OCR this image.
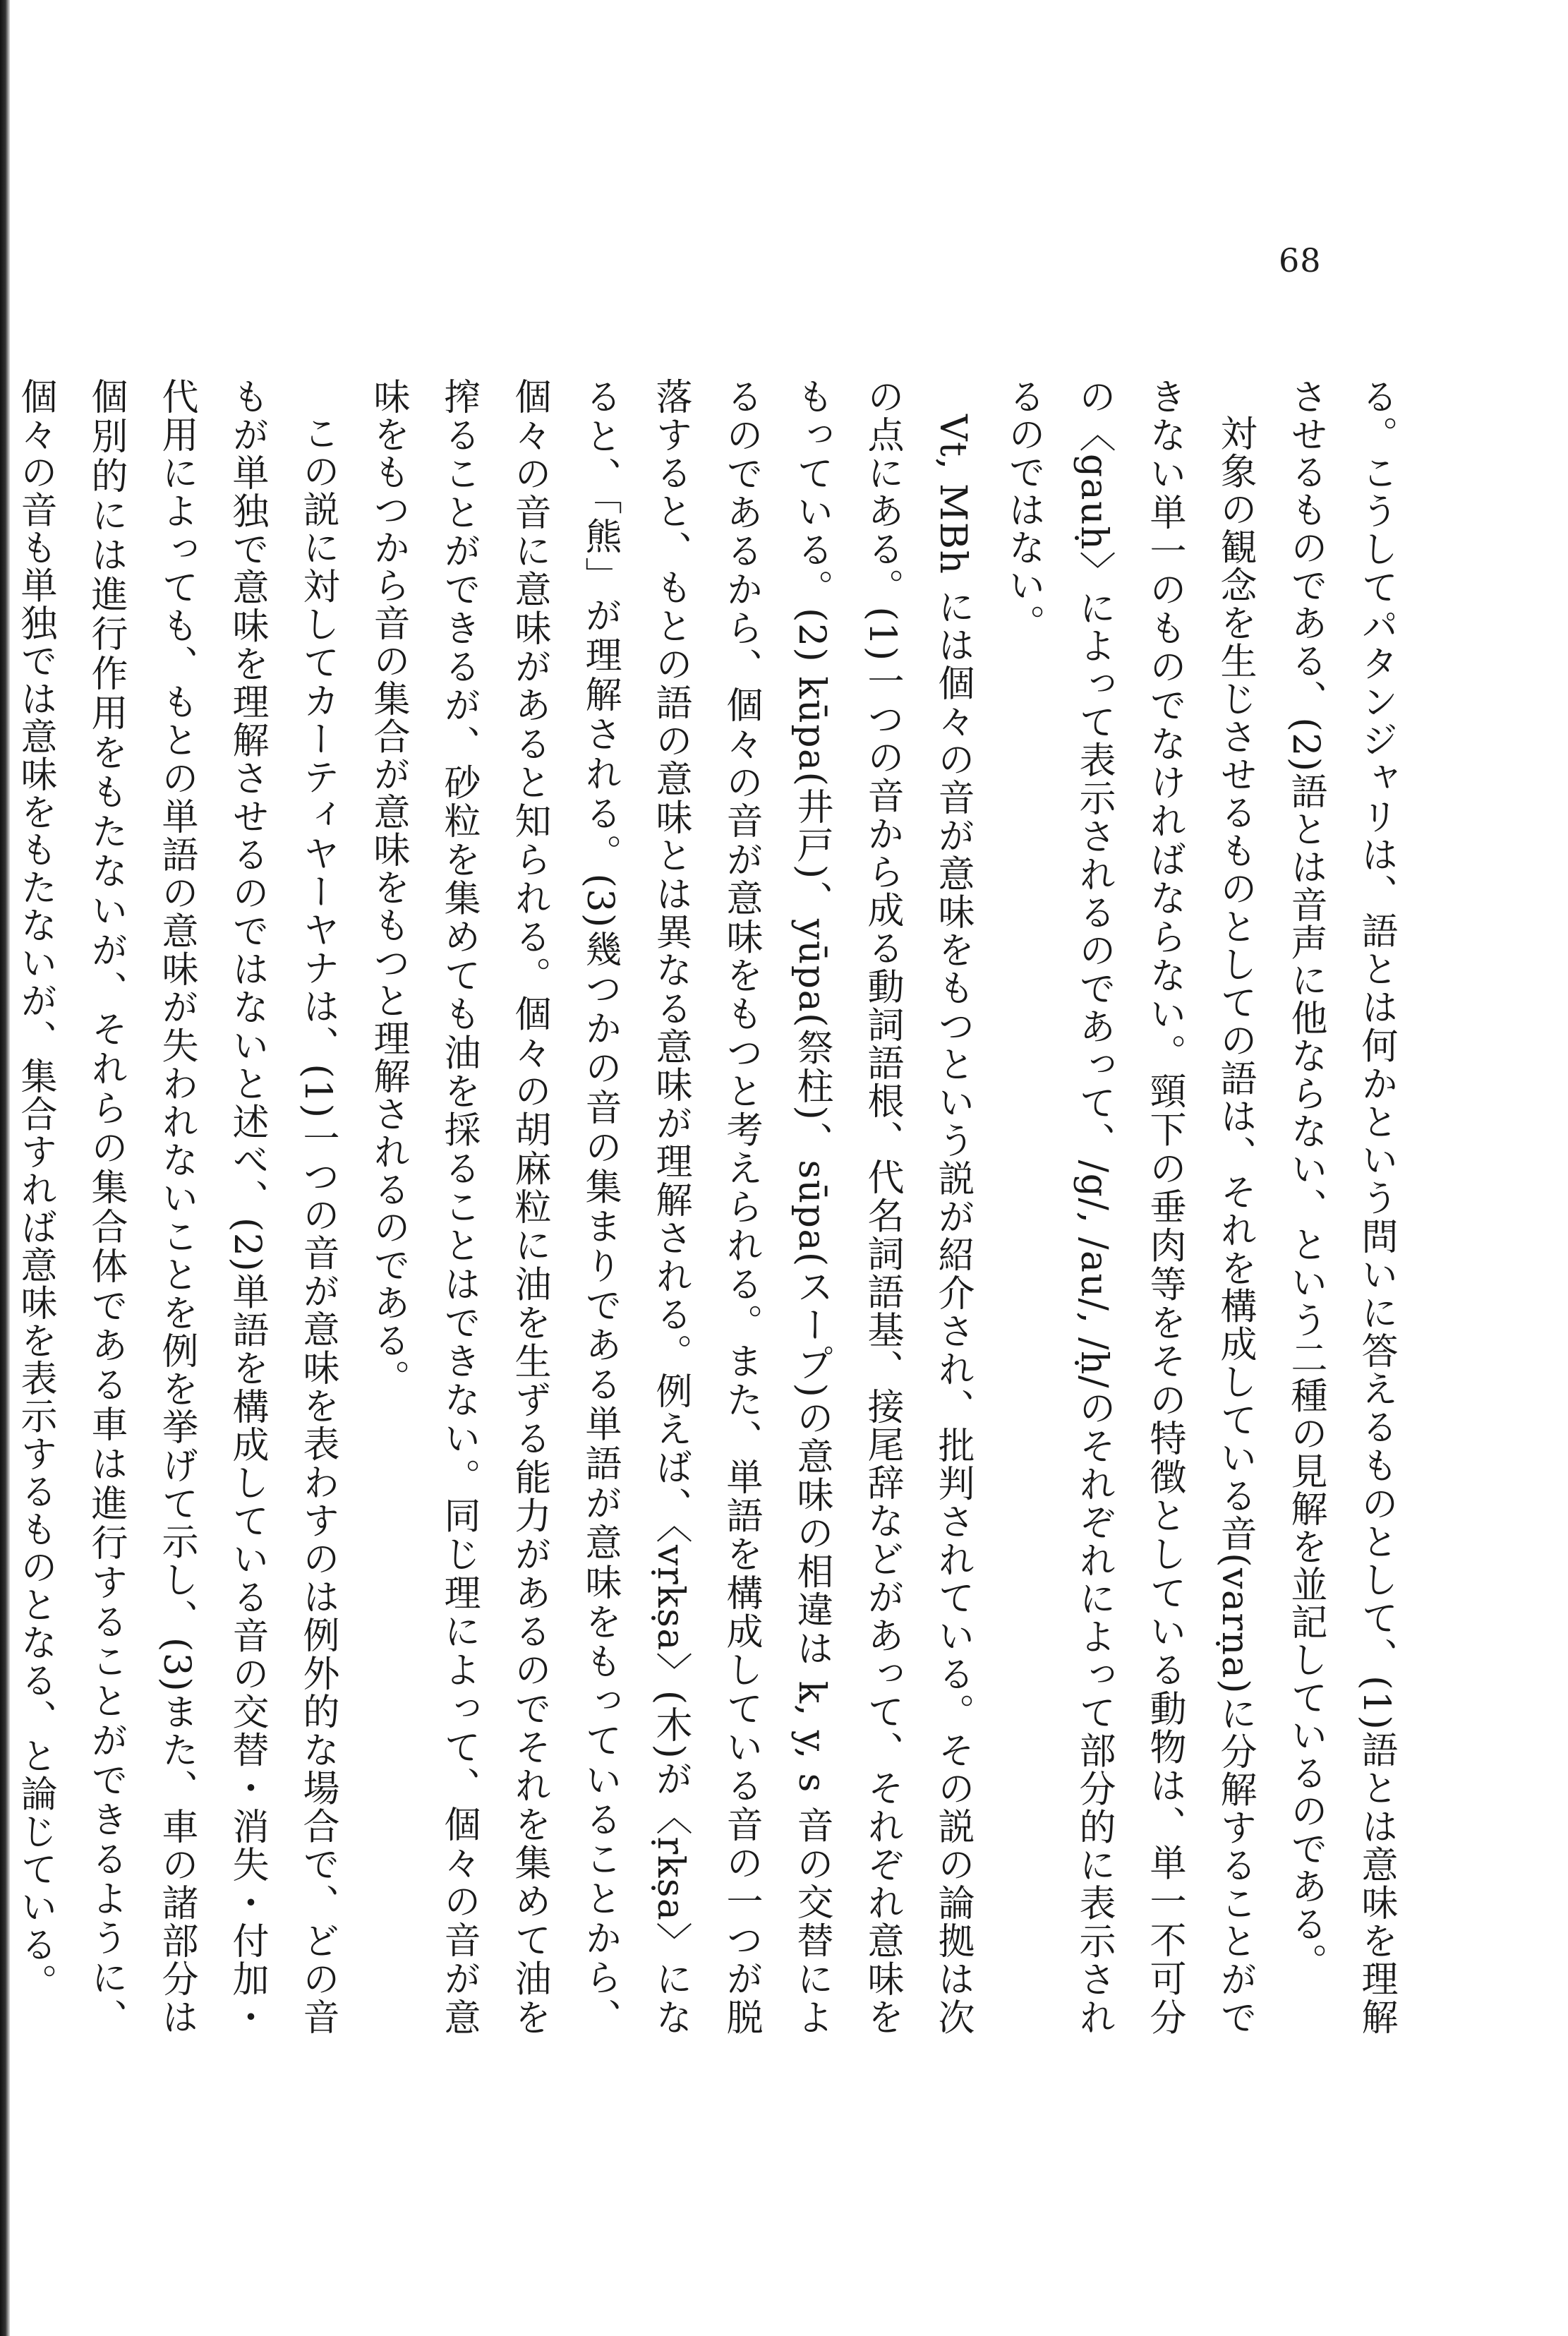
68

る。こうしてパタンジャリは、語とは何かという問いに答えるものとして、(1)語とは意味を理解させるものである、(2)語とは音声に他ならない、という二種の見解を並記しているのである。

対象の観念を生じさせるものとしての語は、それを構成している音(varṇa)に分解することができない単一のものでなければならない。頸下の垂肉等をその特徴としている動物は、単一不可分の〈gauḥ〉によって表示されるのであって、/g/, /au/, /ḥ/のそれぞれによって部分的に表示されるのではない。

Vt, MBh には個々の音が意味をもつという説が紹介され、批判されている。その説の論拠は次の点にある。(1)一つの音から成る動詞語根、代名詞語基、接尾辞などがあって、それぞれ意味をもっている。(2) kūpa(井戸)、yūpa(祭柱)、sūpa(スープ)の意味の相違は k, y, s 音の交替によるのであるから、個々の音が意味をもつと考えられる。また、単語を構成している音の一つが脱落すると、もとの語の意味とは異なる意味が理解される。例えば、〈vṛkṣa〉(木)が〈ṛkṣa〉になると、「熊」が理解される。(3)幾つかの音の集まりである単語が意味をもっていることから、個々の音に意味があると知られる。個々の胡麻粒に油を生ずる能力があるのでそれを集めて油を搾ることができるが、砂粒を集めても油を採ることはできない。同じ理によって、個々の音が意味をもつから音の集合が意味をもつと理解されるのである。

この説に対してカーティヤーヤナは、(1)一つの音が意味を表わすのは例外的な場合で、どの音もが単独で意味を理解させるのではないと述べ、(2)単語を構成している音の交替・消失・付加・代用によっても、もとの単語の意味が失われないことを例を挙げて示し、(3)また、車の諸部分は個別的には進行作用をもたないが、それらの集合体である車は進行することができるように、個々の音も単独では意味をもたないが、集合すれば意味を表示するものとなる、と論じている。
